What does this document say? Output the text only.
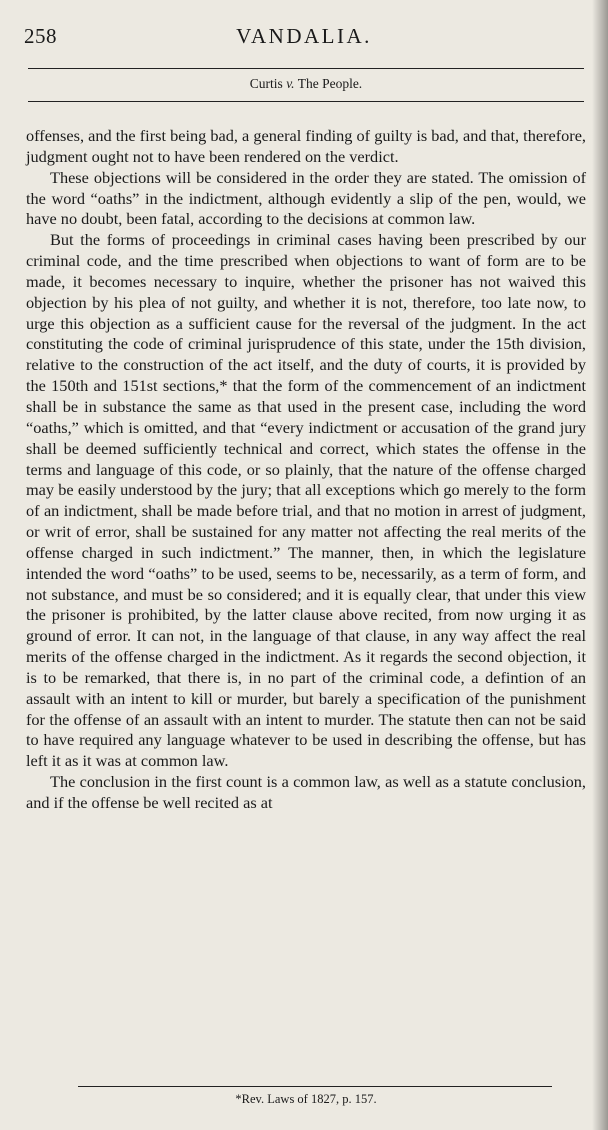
258	VANDALIA.
Curtis v. The People.

offenses, and the first being bad, a general finding of guilty is bad, and that, therefore, judgment ought not to have been rendered on the verdict.

These objections will be considered in the order they are stated. The omission of the word “oaths” in the indictment, although evidently a slip of the pen, would, we have no doubt, been fatal, according to the decisions at common law.

But the forms of proceedings in criminal cases having been prescribed by our criminal code, and the time prescribed when objections to want of form are to be made, it becomes necessary to inquire, whether the prisoner has not waived this objection by his plea of not guilty, and whether it is not, therefore, too late now, to urge this objection as a sufficient cause for the reversal of the judgment. In the act constituting the code of criminal jurisprudence of this state, under the 15th division, relative to the construction of the act itself, and the duty of courts, it is provided by the 150th and 151st sections,* that the form of the commencement of an indictment shall be in substance the same as that used in the present case, including the word “oaths,” which is omitted, and that “every indictment or accusation of the grand jury shall be deemed sufficiently technical and correct, which states the offense in the terms and language of this code, or so plainly, that the nature of the offense charged may be easily understood by the jury; that all exceptions which go merely to the form of an indictment, shall be made before trial, and that no motion in arrest of judgment, or writ of error, shall be sustained for any matter not affecting the real merits of the offense charged in such indictment.” The manner, then, in which the legislature intended the word “oaths” to be used, seems to be, necessarily, as a term of form, and not substance, and must be so considered; and it is equally clear, that under this view the prisoner is prohibited, by the latter clause above recited, from now urging it as ground of error. It can not, in the language of that clause, in any way affect the real merits of the offense charged in the indictment. As it regards the second objection, it is to be remarked, that there is, in no part of the criminal code, a defintion of an assault with an intent to kill or murder, but barely a specification of the punishment for the offense of an assault with an intent to murder. The statute then can not be said to have required any language whatever to be used in describing the offense, but has left it as it was at common law.

The conclusion in the first count is a common law, as well as a statute conclusion, and if the offense be well recited as at

*Rev. Laws of 1827, p. 157.
